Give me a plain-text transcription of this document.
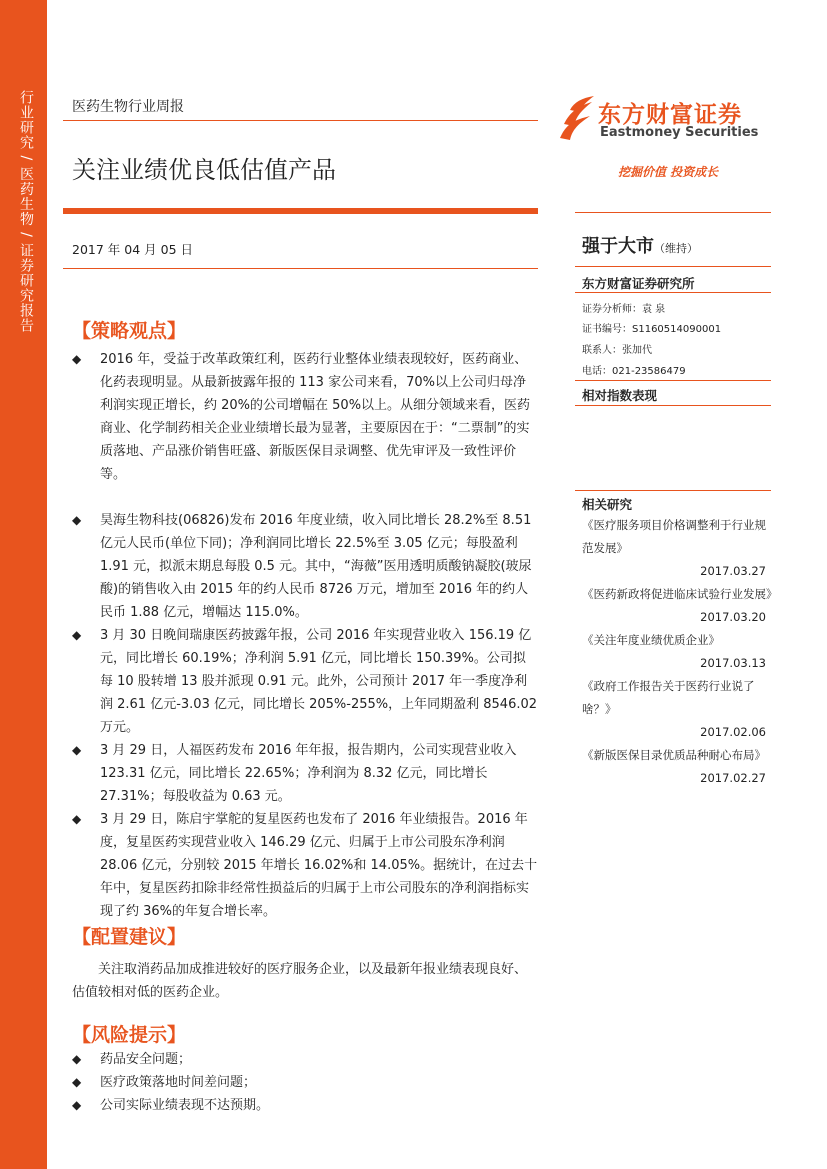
行业研究 / 医药生物 / 证券研究报告	医药生物行业周报
关注业绩优良低估值产品
2017 年 04 月 05 日
东方财富证券
Eastmoney Securities
挖掘价值 投资成长
强于大市（维持）
东方财富证券研究所
证券分析师：袁 泉
证书编号：S1160514090001
联系人：张加代
电话：021-23586479
相对指数表现
相关研究
《医疗服务项目价格调整利于行业规范发展》
2017.03.27
《医药新政将促进临床试验行业发展》
2017.03.20
《关注年度业绩优质企业》
2017.03.13
《政府工作报告关于医药行业说了啥？》
2017.02.06
《新版医保目录优质品种耐心布局》
2017.02.27
【策略观点】
◆ 2016 年，受益于改革政策红利，医药行业整体业绩表现较好，医药商业、化药表现明显。从最新披露年报的 113 家公司来看，70%以上公司归母净利润实现正增长，约 20%的公司增幅在 50%以上。从细分领域来看，医药商业、化学制药相关企业业绩增长最为显著，主要原因在于：“二票制”的实质落地、产品涨价销售旺盛、新版医保目录调整、优先审评及一致性评价等。
◆ 昊海生物科技(06826)发布 2016 年度业绩，收入同比增长 28.2%至 8.51 亿元人民币(单位下同)；净利润同比增长 22.5%至 3.05 亿元；每股盈利 1.91 元，拟派末期息每股 0.5 元。其中，“海薇”医用透明质酸钠凝胶(玻尿酸)的销售收入由 2015 年的约人民币 8726 万元，增加至 2016 年的约人民币 1.88 亿元，增幅达 115.0%。
◆ 3 月 30 日晚间瑞康医药披露年报，公司 2016 年实现营业收入 156.19 亿元，同比增长 60.19%；净利润 5.91 亿元，同比增长 150.39%。公司拟每 10 股转增 13 股并派现 0.91 元。此外，公司预计 2017 年一季度净利润 2.61 亿元-3.03 亿元，同比增长 205%-255%，上年同期盈利 8546.02 万元。
◆ 3 月 29 日，人福医药发布 2016 年年报，报告期内，公司实现营业收入 123.31 亿元，同比增长 22.65%；净利润为 8.32 亿元，同比增长 27.31%；每股收益为 0.63 元。
◆ 3 月 29 日，陈启宇掌舵的复星医药也发布了 2016 年业绩报告。2016 年度，复星医药实现营业收入 146.29 亿元、归属于上市公司股东净利润 28.06 亿元，分别较 2015 年增长 16.02%和 14.05%。据统计，在过去十年中，复星医药扣除非经常性损益后的归属于上市公司股东的净利润指标实现了约 36%的年复合增长率。
【配置建议】
关注取消药品加成推进较好的医疗服务企业，以及最新年报业绩表现良好、估值较相对低的医药企业。
【风险提示】
◆ 药品安全问题；
◆ 医疗政策落地时间差问题；
◆ 公司实际业绩表现不达预期。
